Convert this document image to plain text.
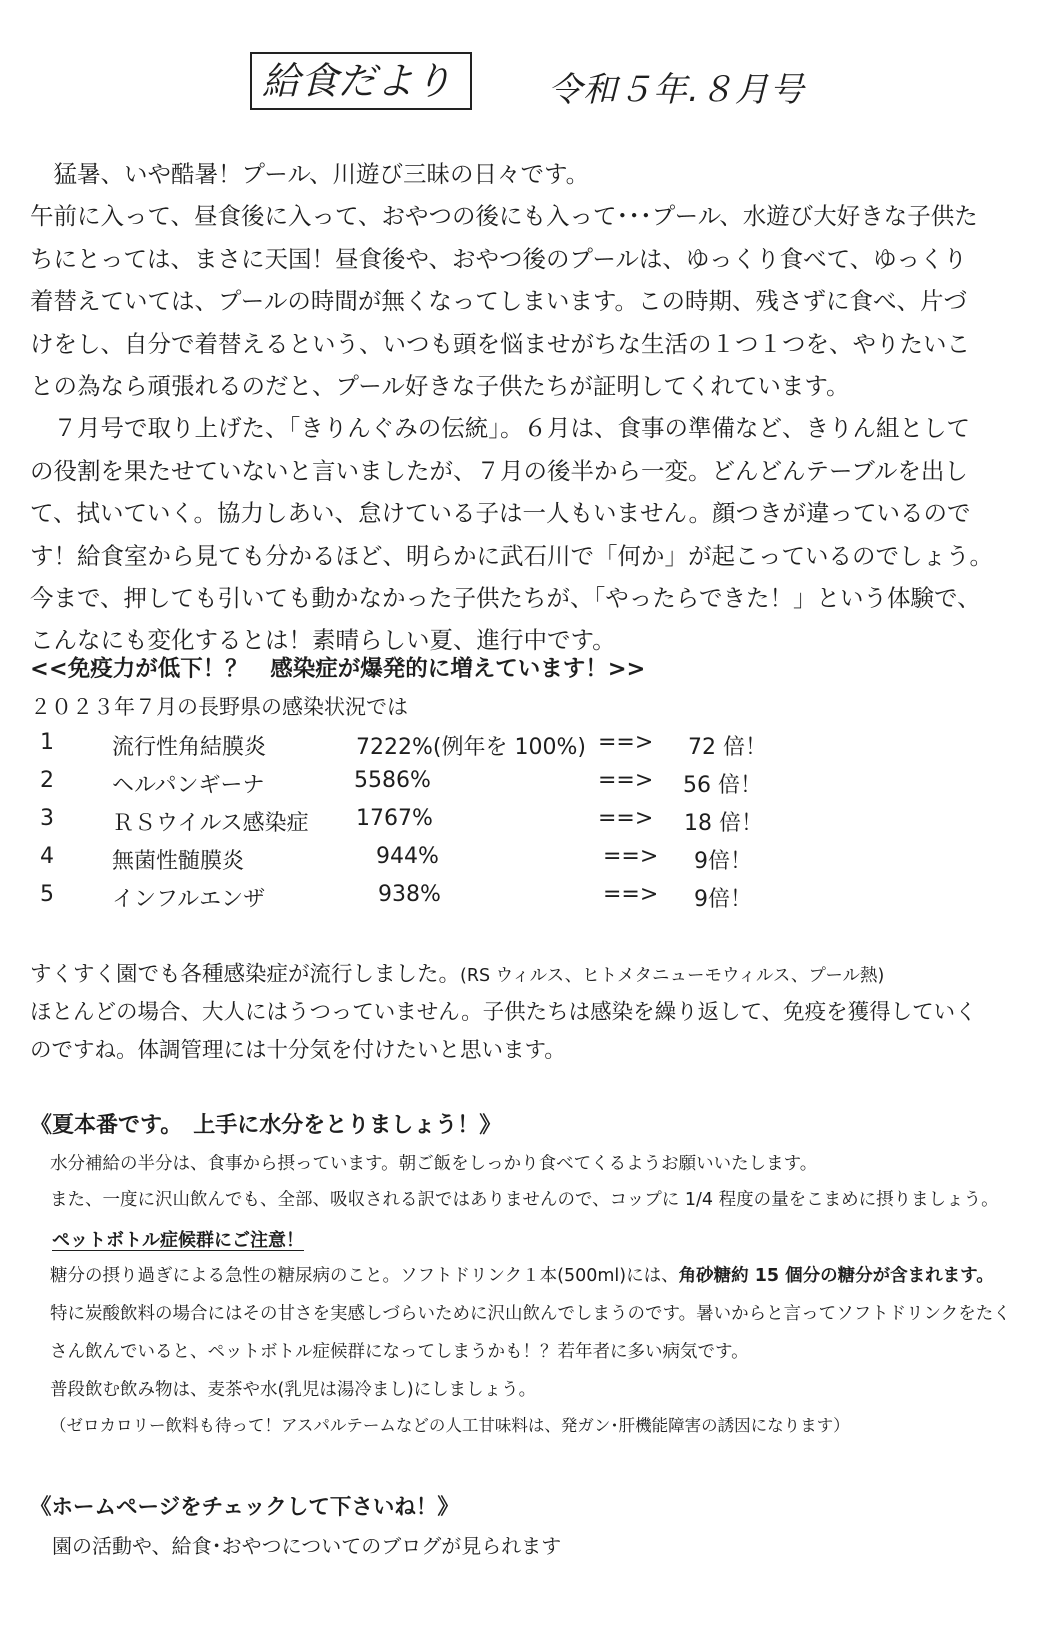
給食だより	令和５年.８月号
　猛暑、いや酷暑！プール、川遊び三昧の日々です。
午前に入って、昼食後に入って、おやつの後にも入って･･･プール、水遊び大好きな子供た
ちにとっては、まさに天国！昼食後や、おやつ後のプールは、ゆっくり食べて、ゆっくり
着替えていては、プールの時間が無くなってしまいます。この時期、残さずに食べ、片づ
けをし、自分で着替えるという、いつも頭を悩ませがちな生活の１つ１つを、やりたいこ
との為なら頑張れるのだと、プール好きな子供たちが証明してくれています。
　７月号で取り上げた、「きりんぐみの伝統」。６月は、食事の準備など、きりん組として
の役割を果たせていないと言いましたが、７月の後半から一変。どんどんテーブルを出し
て、拭いていく。協力しあい、怠けている子は一人もいません。顔つきが違っているので
す！給食室から見ても分かるほど、明らかに武石川で「何か」が起こっているのでしょう。
今まで、押しても引いても動かなかった子供たちが、「やったらできた！」という体験で、
こんなにも変化するとは！素晴らしい夏、進行中です。
<<免疫力が低下！？　感染症が爆発的に増えています！>>
２０２３年７月の長野県の感染状況では
1	流行性角結膜炎	7222%(例年を 100%) ==> 72 倍！
2	ヘルパンギーナ	5586%	==> 56 倍！
3	ＲＳウイルス感染症 1767%	==> 18 倍！
4	無菌性髄膜炎	944%	==> 9倍！
5	インフルエンザ	938%	==> 9倍！
すくすく園でも各種感染症が流行しました。(RS ウィルス、ヒトメタニューモウィルス、プール熱)
ほとんどの場合、大人にはうつっていません。子供たちは感染を繰り返して、免疫を獲得していく
のですね。体調管理には十分気を付けたいと思います。
《夏本番です。　上手に水分をとりましょう！》
水分補給の半分は、食事から摂っています。朝ご飯をしっかり食べてくるようお願いいたします。
また、一度に沢山飲んでも、全部、吸収される訳ではありませんので、コップに 1/4 程度の量をこまめに摂りましょう。
ペットボトル症候群にご注意！
糖分の摂り過ぎによる急性の糖尿病のこと。ソフトドリンク１本(500ml)には、角砂糖約 15 個分の糖分が含まれます。
特に炭酸飲料の場合にはその甘さを実感しづらいために沢山飲んでしまうのです。暑いからと言ってソフトドリンクをたく
さん飲んでいると、ペットボトル症候群になってしまうかも！？若年者に多い病気です。
普段飲む飲み物は、麦茶や水(乳児は湯冷まし)にしましょう。
（ゼロカロリー飲料も待って！アスパルテームなどの人工甘味料は、発ガン･肝機能障害の誘因になります）
《ホームページをチェックして下さいね！》
園の活動や、給食･おやつについてのブログが見られます
